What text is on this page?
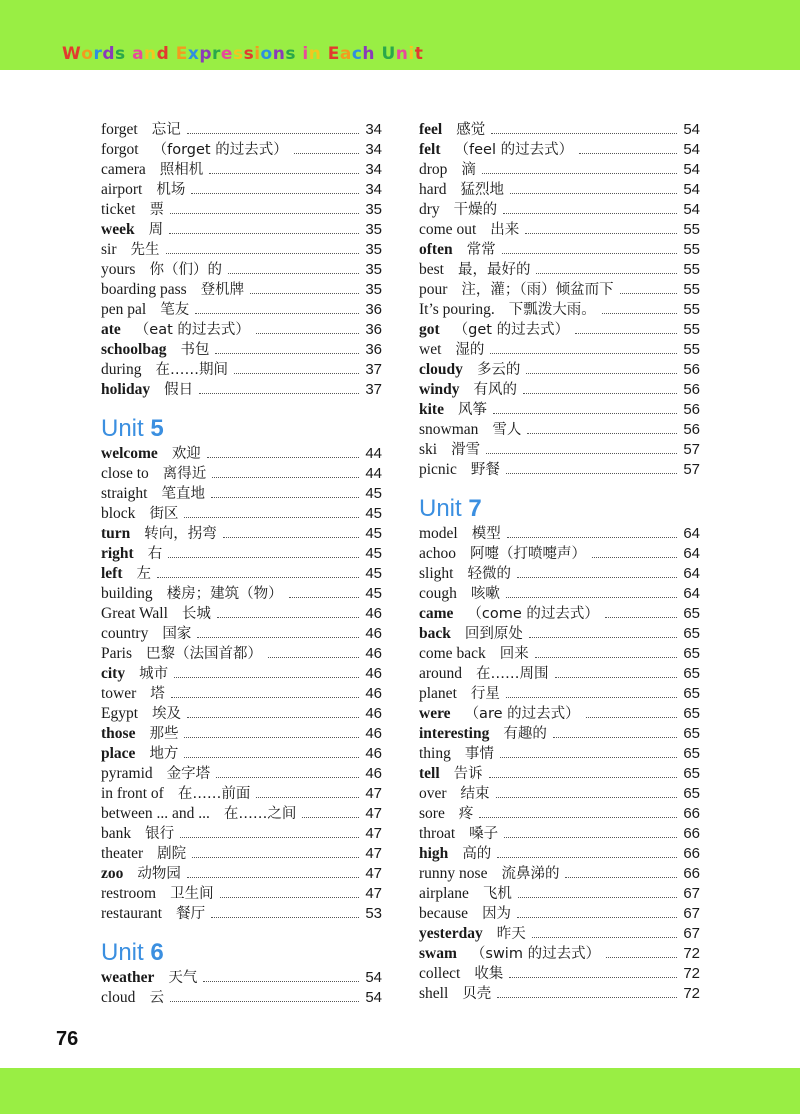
Words and Expressions in Each Unit
forget 忘记	34
forgot （forget 的过去式）	34
camera 照相机	34
airport 机场	34
ticket 票	35
week 周	35
sir 先生	35
yours 你（们）的	35
boarding pass 登机牌	35
pen pal 笔友	36
ate （eat 的过去式）	36
schoolbag 书包	36
during 在……期间	37
holiday 假日	37
Unit 5
welcome 欢迎	44
close to 离得近	44
straight 笔直地	45
block 街区	45
turn 转向，拐弯	45
right 右	45
left 左	45
building 楼房；建筑（物）	45
Great Wall 长城	46
country 国家	46
Paris 巴黎（法国首都）	46
city 城市	46
tower 塔	46
Egypt 埃及	46
those 那些	46
place 地方	46
pyramid 金字塔	46
in front of 在……前面	47
between ... and ... 在……之间	47
bank 银行	47
theater 剧院	47
zoo 动物园	47
restroom 卫生间	47
restaurant 餐厅	53
Unit 6
weather 天气	54
cloud 云	54
feel 感觉	54
felt （feel 的过去式）	54
drop 滴	54
hard 猛烈地	54
dry 干燥的	54
come out 出来	55
often 常常	55
best 最，最好的	55
pour 注，灌；（雨）倾盆而下	55
It’s pouring. 下瓢泼大雨。	55
got （get 的过去式）	55
wet 湿的	55
cloudy 多云的	56
windy 有风的	56
kite 风筝	56
snowman 雪人	56
ski 滑雪	57
picnic 野餐	57
Unit 7
model 模型	64
achoo 阿嚏（打喷嚏声）	64
slight 轻微的	64
cough 咳嗽	64
came （come 的过去式）	65
back 回到原处	65
come back 回来	65
around 在……周围	65
planet 行星	65
were （are 的过去式）	65
interesting 有趣的	65
thing 事情	65
tell 告诉	65
over 结束	65
sore 疼	66
throat 嗓子	66
high 高的	66
runny nose 流鼻涕的	66
airplane 飞机	67
because 因为	67
yesterday 昨天	67
swam （swim 的过去式）	72
collect 收集	72
shell 贝壳	72
76
